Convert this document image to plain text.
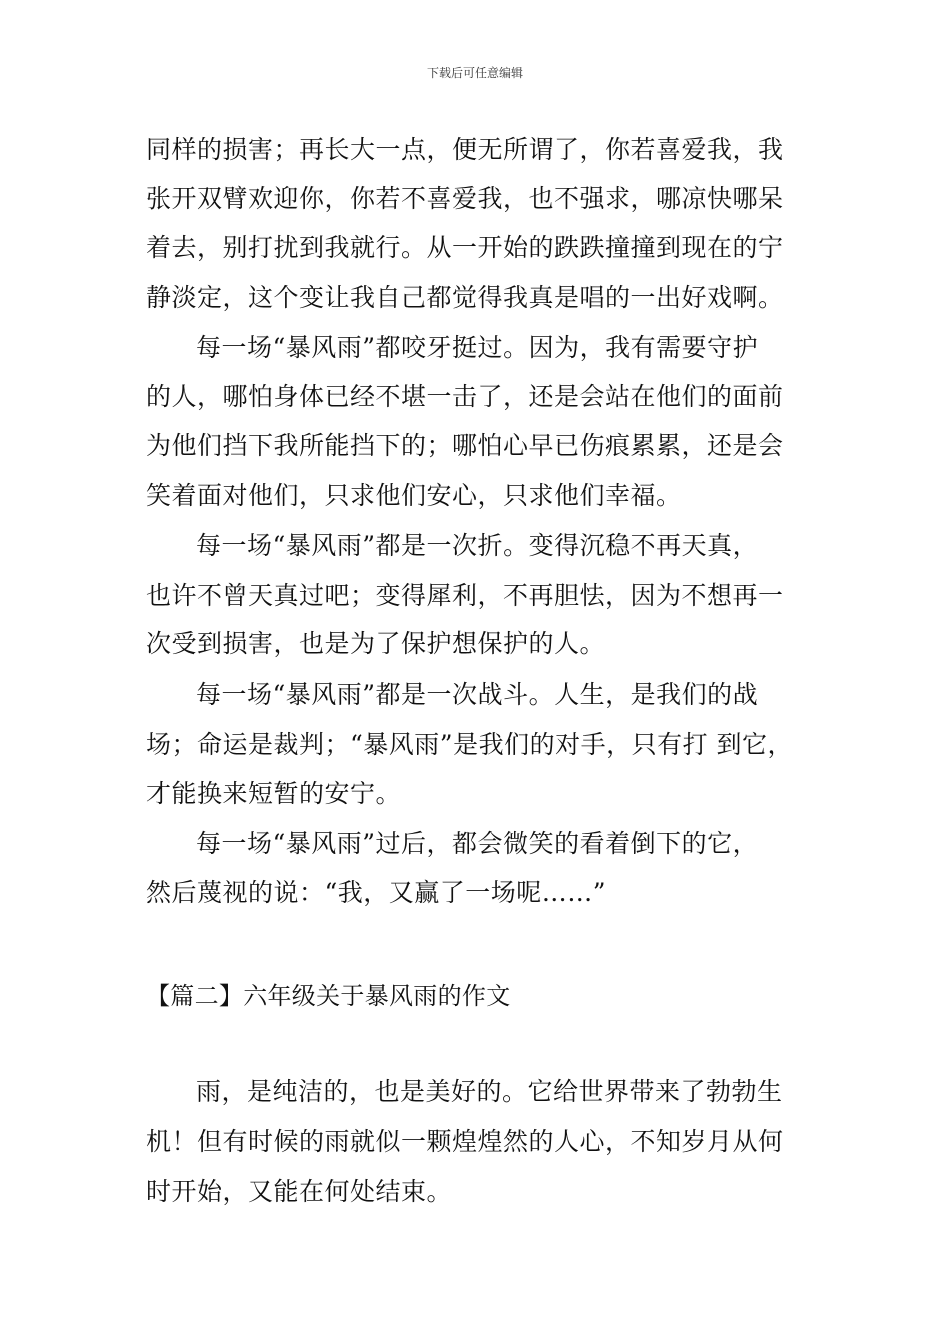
下载后可任意编辑
同样的损害；再长大一点，便无所谓了，你若喜爱我，我
张开双臂欢迎你，你若不喜爱我，也不强求，哪凉快哪呆
着去，别打扰到我就行。从一开始的跌跌撞撞到现在的宁
静淡定，这个变让我自己都觉得我真是唱的一出好戏啊。
每一场“暴风雨”都咬牙挺过。因为，我有需要守护
的人，哪怕身体已经不堪一击了，还是会站在他们的面前
为他们挡下我所能挡下的；哪怕心早已伤痕累累，还是会
笑着面对他们，只求他们安心，只求他们幸福。
每一场“暴风雨”都是一次折。变得沉稳不再天真，
也许不曾天真过吧；变得犀利，不再胆怯，因为不想再一
次受到损害，也是为了保护想保护的人。
每一场“暴风雨”都是一次战斗。人生，是我们的战
场；命运是裁判；“暴风雨”是我们的对手，只有打 到它，
才能换来短暂的安宁。
每一场“暴风雨”过后，都会微笑的看着倒下的它，
然后蔑视的说：“我，又赢了一场呢……”
【篇二】六年级关于暴风雨的作文
雨，是纯洁的，也是美好的。它给世界带来了勃勃生
机！但有时候的雨就似一颗煌煌然的人心，不知岁月从何
时开始，又能在何处结束。
